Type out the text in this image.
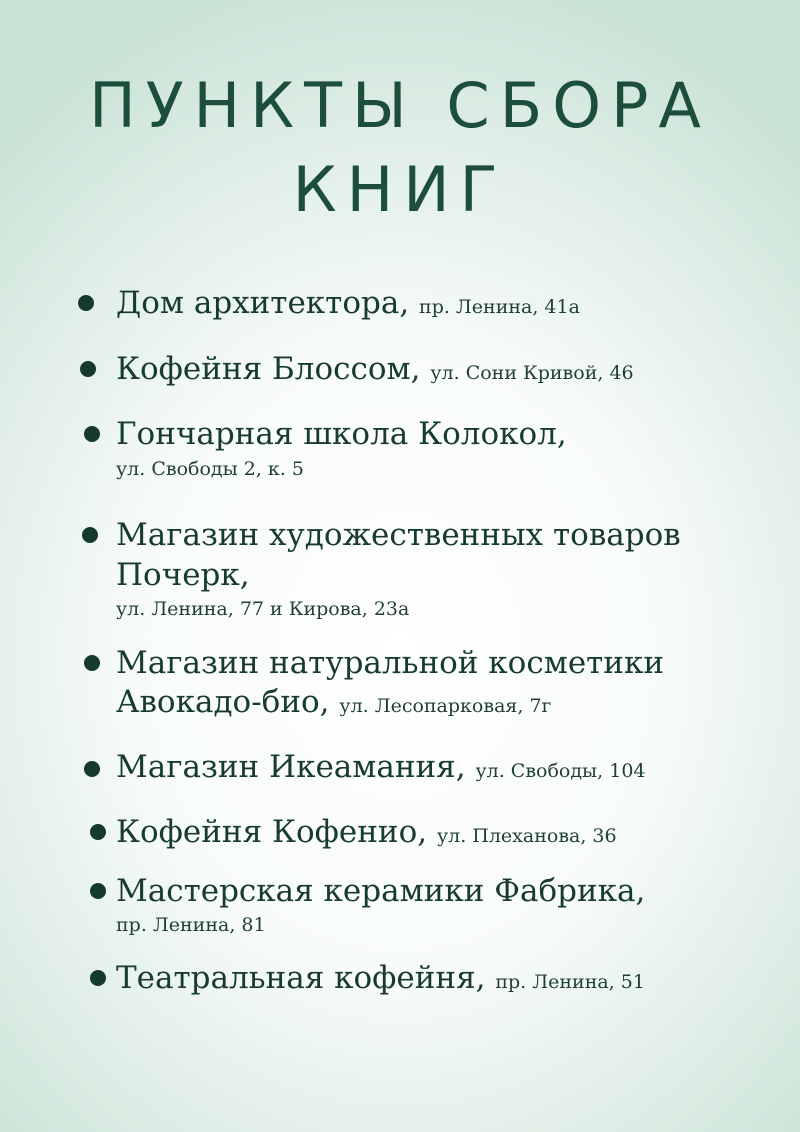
ПУНКТЫ СБОРА
КНИГ
Дом архитектора, пр. Ленина, 41а
Кофейня Блоссом, ул. Сони Кривой, 46
Гончарная школа Колокол,
ул. Свободы 2, к. 5
Магазин художественных товаров
Почерк,
ул. Ленина, 77 и Кирова, 23а
Магазин натуральной косметики
Авокадо-био, ул. Лесопарковая, 7г
Магазин Икеамания, ул. Свободы, 104
Кофейня Кофенио, ул. Плеханова, 36
Мастерская керамики Фабрика,
пр. Ленина, 81
Театральная кофейня, пр. Ленина, 51
